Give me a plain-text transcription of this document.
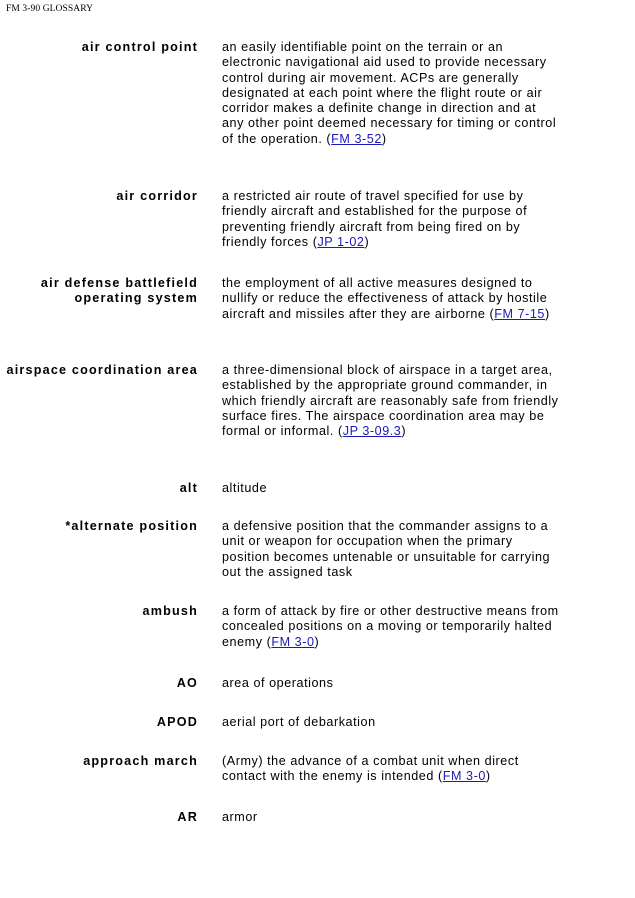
FM 3-90 GLOSSARY
air control point an easily identifiable point on the terrain or an electronic navigational aid used to provide necessary control during air movement. ACPs are generally designated at each point where the flight route or air corridor makes a definite change in direction and at any other point deemed necessary for timing or control of the operation. (FM 3-52)
air corridor a restricted air route of travel specified for use by friendly aircraft and established for the purpose of preventing friendly aircraft from being fired on by friendly forces (JP 1-02)
air defense battlefield operating system
the employment of all active measures designed to nullify or reduce the effectiveness of attack by hostile aircraft and missiles after they are airborne (FM 7-15)
airspace coordination area a three-dimensional block of airspace in a target area, established by the appropriate ground commander, in which friendly aircraft are reasonably safe from friendly surface fires. The airspace coordination area may be formal or informal. (JP 3-09.3)
alt altitude
*alternate position a defensive position that the commander assigns to a unit or weapon for occupation when the primary position becomes untenable or unsuitable for carrying out the assigned task
ambush a form of attack by fire or other destructive means from concealed positions on a moving or temporarily halted enemy (FM 3-0)
AO area of operations
APOD aerial port of debarkation
approach march (Army) the advance of a combat unit when direct contact with the enemy is intended (FM 3-0)
AR armor
